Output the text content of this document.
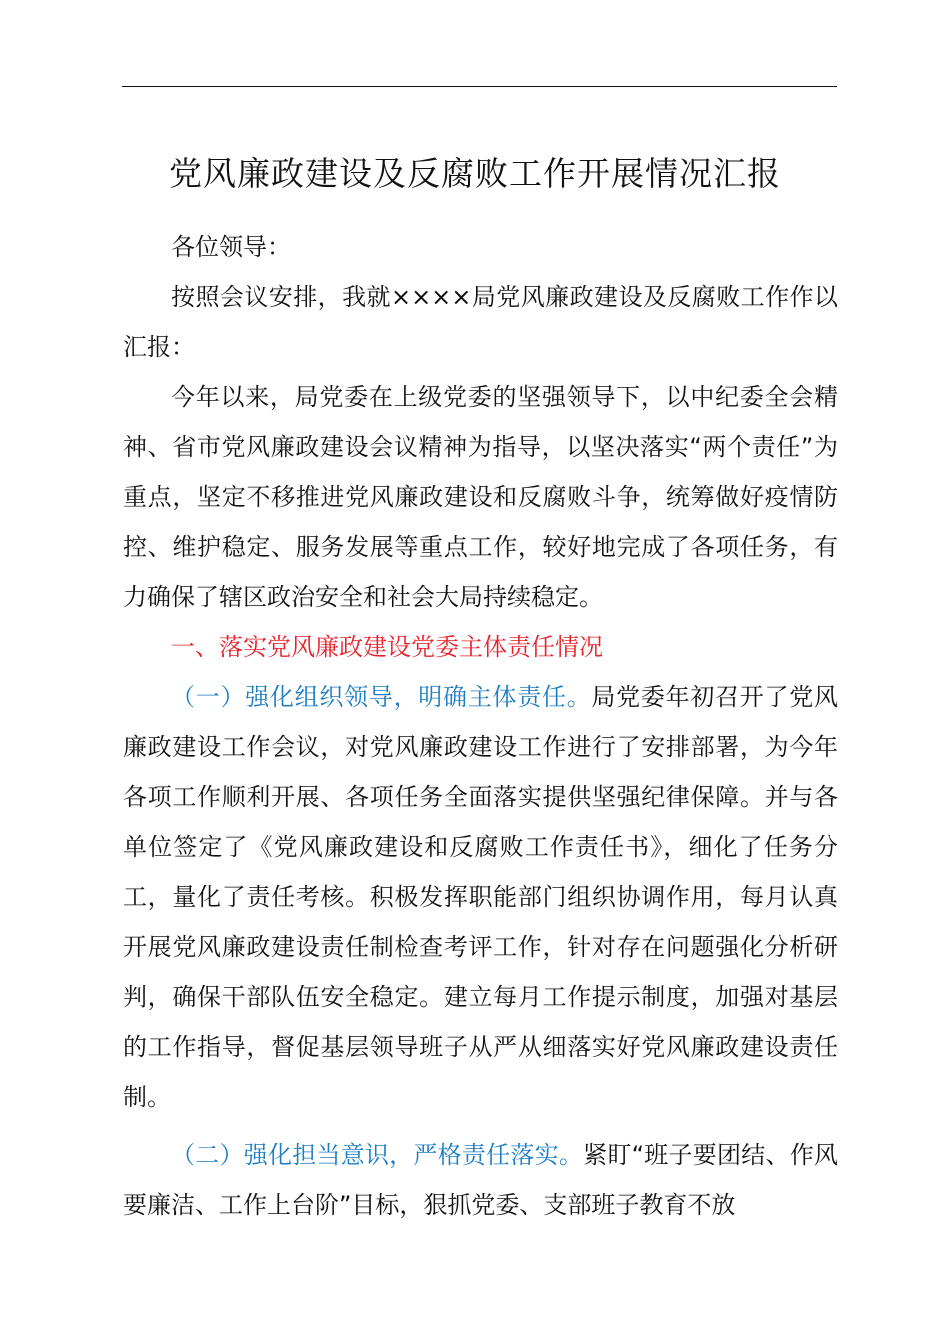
党风廉政建设及反腐败工作开展情况汇报

各位领导：

按照会议安排，我就××××局党风廉政建设及反腐败工作作以汇报：

今年以来，局党委在上级党委的坚强领导下，以中纪委全会精神、省市党风廉政建设会议精神为指导，以坚决落实“两个责任”为重点，坚定不移推进党风廉政建设和反腐败斗争，统筹做好疫情防控、维护稳定、服务发展等重点工作，较好地完成了各项任务，有力确保了辖区政治安全和社会大局持续稳定。

一、落实党风廉政建设党委主体责任情况

（一）强化组织领导，明确主体责任。局党委年初召开了党风廉政建设工作会议，对党风廉政建设工作进行了安排部署，为今年各项工作顺利开展、各项任务全面落实提供坚强纪律保障。并与各单位签定了《党风廉政建设和反腐败工作责任书》，细化了任务分工，量化了责任考核。积极发挥职能部门组织协调作用，每月认真开展党风廉政建设责任制检查考评工作，针对存在问题强化分析研判，确保干部队伍安全稳定。建立每月工作提示制度，加强对基层的工作指导，督促基层领导班子从严从细落实好党风廉政建设责任制。

（二）强化担当意识，严格责任落实。紧盯“班子要团结、作风要廉洁、工作上台阶”目标，狠抓党委、支部班子教育不放
